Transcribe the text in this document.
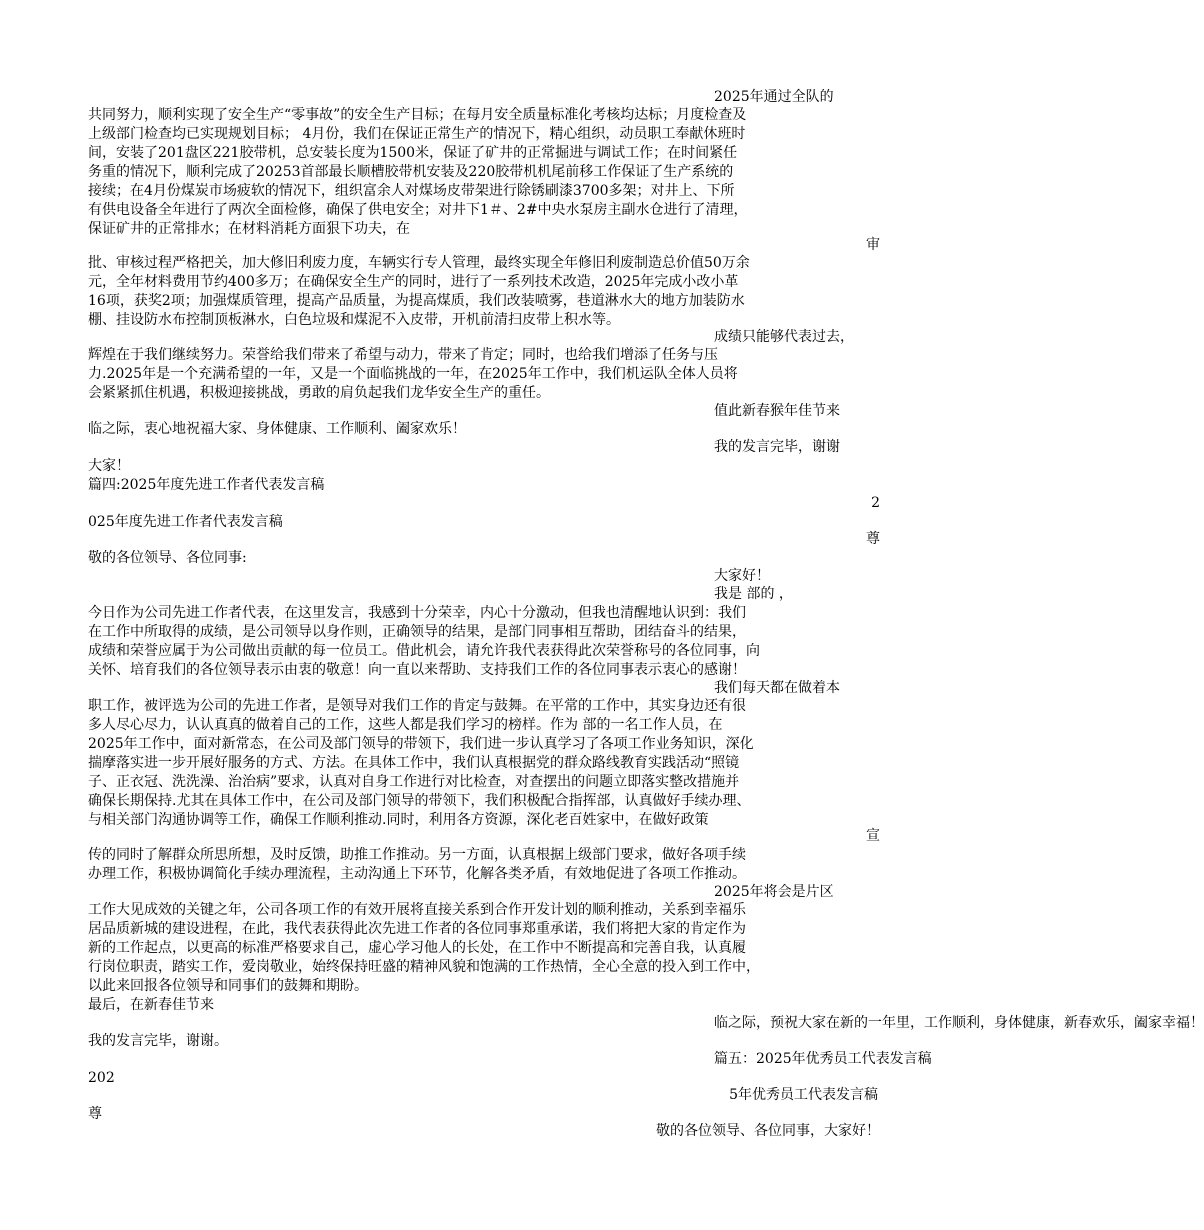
2025年通过全队的
共同努力，顺利实现了安全生产“零事故”的安全生产目标；在每月安全质量标准化考核均达标；月度检查及
上级部门检查均已实现规划目标； 4月份，我们在保证正常生产的情况下，精心组织，动员职工奉献休班时
间，安装了201盘区221胶带机，总安装长度为1500米，保证了矿井的正常掘进与调试工作；在时间紧任
务重的情况下，顺利完成了20253首部最长顺槽胶带机安装及220胶带机机尾前移工作保证了生产系统的
接续；在4月份煤炭市场疲软的情况下，组织富余人对煤场皮带架进行除锈刷漆3700多架；对井上、下所
有供电设备全年进行了两次全面检修，确保了供电安全；对井下1＃、2#中央水泵房主副水仓进行了清理，
保证矿井的正常排水；在材料消耗方面狠下功夫，在
审
批、审核过程严格把关，加大修旧利废力度，车辆实行专人管理，最终实现全年修旧利废制造总价值50万余
元，全年材料费用节约400多万；在确保安全生产的同时，进行了一系列技术改造，2025年完成小改小革
16项，获奖2项；加强煤质管理，提高产品质量，为提高煤质，我们改装喷雾，巷道淋水大的地方加装防水
棚、挂设防水布控制顶板淋水，白色垃圾和煤泥不入皮带，开机前清扫皮带上积水等。
成绩只能够代表过去，
辉煌在于我们继续努力。荣誉给我们带来了希望与动力，带来了肯定；同时，也给我们增添了任务与压
力.2025年是一个充满希望的一年，又是一个面临挑战的一年，在2025年工作中，我们机运队全体人员将
会紧紧抓住机遇，积极迎接挑战，勇敢的肩负起我们龙华安全生产的重任。
值此新春猴年佳节来
临之际，衷心地祝福大家、身体健康、工作顺利、阖家欢乐！
我的发言完毕，谢谢
大家！
篇四:2025年度先进工作者代表发言稿
2
025年度先进工作者代表发言稿
尊
敬的各位领导、各位同事:
大家好！
我是 部的 ，
今日作为公司先进工作者代表，在这里发言，我感到十分荣幸，内心十分激动，但我也清醒地认识到：我们
在工作中所取得的成绩，是公司领导以身作则，正确领导的结果，是部门同事相互帮助，团结奋斗的结果，
成绩和荣誉应属于为公司做出贡献的每一位员工。借此机会，请允许我代表获得此次荣誉称号的各位同事，向
关怀、培育我们的各位领导表示由衷的敬意！向一直以来帮助、支持我们工作的各位同事表示衷心的感谢！
我们每天都在做着本
职工作，被评选为公司的先进工作者，是领导对我们工作的肯定与鼓舞。在平常的工作中，其实身边还有很
多人尽心尽力，认认真真的做着自己的工作，这些人都是我们学习的榜样。作为 部的一名工作人员，在
2025年工作中，面对新常态，在公司及部门领导的带领下，我们进一步认真学习了各项工作业务知识，深化
揣摩落实进一步开展好服务的方式、方法。在具体工作中，我们认真根据党的群众路线教育实践活动“照镜
子、正衣冠、洗洗澡、治治病”要求，认真对自身工作进行对比检查，对查摆出的问题立即落实整改措施并
确保长期保持.尤其在具体工作中，在公司及部门领导的带领下，我们积极配合指挥部，认真做好手续办理、
与相关部门沟通协调等工作，确保工作顺利推动.同时，利用各方资源，深化老百姓家中，在做好政策
宣
传的同时了解群众所思所想，及时反馈，助推工作推动。另一方面，认真根据上级部门要求，做好各项手续
办理工作，积极协调简化手续办理流程，主动沟通上下环节，化解各类矛盾，有效地促进了各项工作推动。
2025年将会是片区
工作大见成效的关键之年，公司各项工作的有效开展将直接关系到合作开发计划的顺利推动，关系到幸福乐
居品质新城的建设进程，在此，我代表获得此次先进工作者的各位同事郑重承诺，我们将把大家的肯定作为
新的工作起点，以更高的标准严格要求自己，虚心学习他人的长处，在工作中不断提高和完善自我，认真履
行岗位职责，踏实工作，爱岗敬业，始终保持旺盛的精神风貌和饱满的工作热情，全心全意的投入到工作中，
以此来回报各位领导和同事们的鼓舞和期盼。
最后，在新春佳节来
临之际，预祝大家在新的一年里，工作顺利，身体健康，新春欢乐，阖家幸福！
我的发言完毕，谢谢。
篇五：2025年优秀员工代表发言稿
202
5年优秀员工代表发言稿
尊
敬的各位领导、各位同事，大家好！
